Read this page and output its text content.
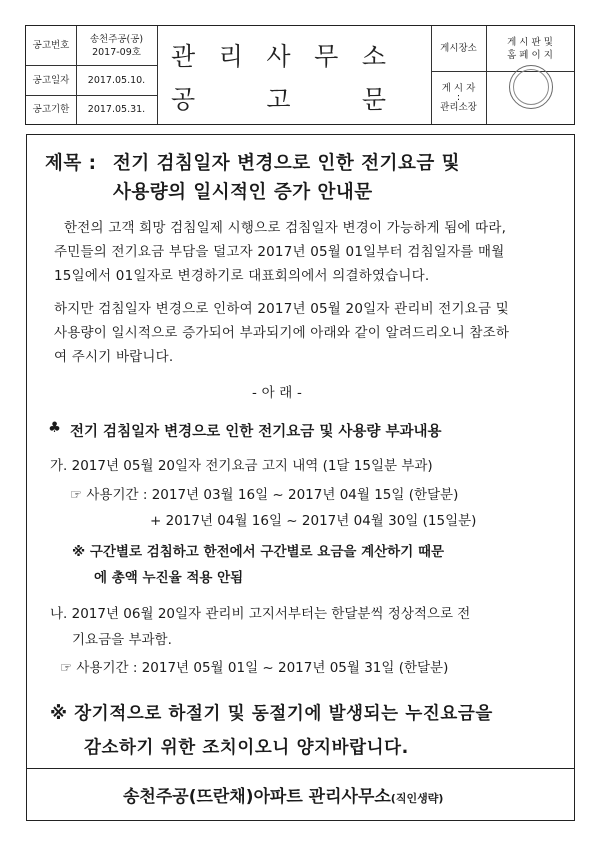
공고번호
공고일자
공고기한
송천주공(공)
2017-09호
2017.05.10.
2017.05.31.
게시장소
게 시 자
:
관리소장
게 시 판 및
홈 페 이 지
관 리 사 무 소
공	고	문
제목 : 전기 검침일자 변경으로 인한 전기요금 및
사용량의 일시적인 증가 안내문
한전의 고객 희망 검침일제 시행으로 검침일자 변경이 가능하게 됨에 따라,
주민들의 전기요금 부담을 덜고자 2017년 05월 01일부터 검침일자를 매월
15일에서 01일자로 변경하기로 대표회의에서 의결하였습니다.
하지만 검침일자 변경으로 인하여 2017년 05월 20일자 관리비 전기요금 및
사용량이 일시적으로 증가되어 부과되기에 아래와 같이 알려드리오니 참조하
여 주시기 바랍니다.
- 아 래 -
♣ 전기 검침일자 변경으로 인한 전기요금 및 사용량 부과내용
가. 2017년 05월 20일자 전기요금 고지 내역 (1달 15일분 부과)
☞ 사용기간 : 2017년 03월 16일 ~ 2017년 04월 15일 (한달분)
+ 2017년 04월 16일 ~ 2017년 04월 30일 (15일분)
※ 구간별로 검침하고 한전에서 구간별로 요금을 계산하기 때문
에 총액 누진율 적용 안됨
나. 2017년 06월 20일자 관리비 고지서부터는 한달분씩 정상적으로 전
기요금을 부과함.
☞ 사용기간 : 2017년 05월 01일 ~ 2017년 05월 31일 (한달분)
※ 장기적으로 하절기 및 동절기에 발생되는 누진요금을
감소하기 위한 조치이오니 양지바랍니다.
송천주공(뜨란채)아파트 관리사무소(직인생략)
